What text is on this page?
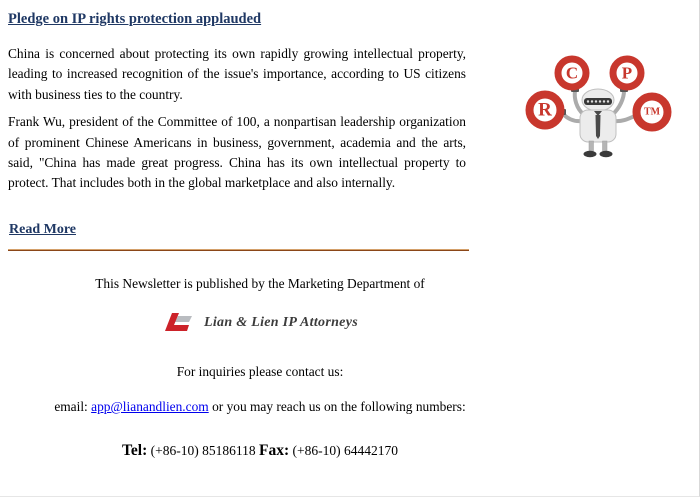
Pledge on IP rights protection applauded

China is concerned about protecting its own rapidly growing intellectual property, leading to increased recognition of the issue's importance, according to US citizens with business ties to the country.

Frank Wu, president of the Committee of 100, a nonpartisan leadership organization of prominent Chinese Americans in business, government, academia and the arts, said, "China has made great progress. China has its own intellectual property to protect. That includes both in the global marketplace and also internally.

Read More
C	P
R	TM
This Newsletter is published by the Marketing Department of
Lian & Lien IP Attorneys
For inquiries please contact us:
email: app@lianandlien.com or you may reach us on the following numbers:
Tel: (+86-10) 85186118 Fax: (+86-10) 64442170
